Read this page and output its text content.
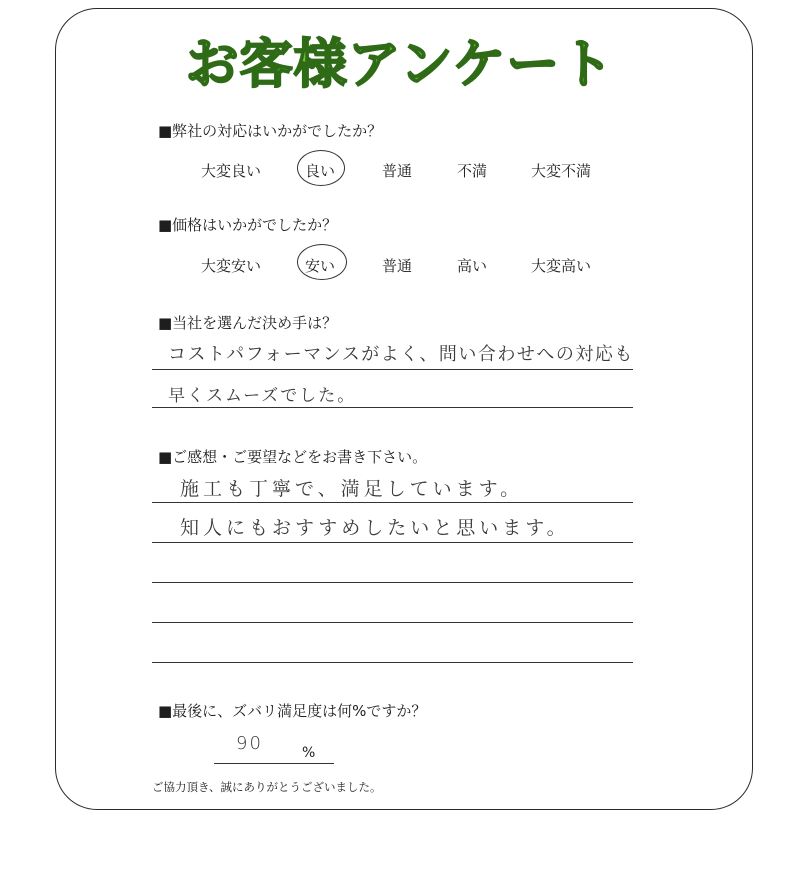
お客様アンケート
■弊社の対応はいかがでしたか？
大変良い	良い	普通	不満	大変不満
■価格はいかがでしたか？
大変安い	安い	普通	高い	大変高い
■当社を選んだ決め手は？
コストパフォーマンスがよく、問い合わせへの対応も
早くスムーズでした。
■ご感想・ご要望などをお書き下さい。
施工も丁寧で、満足しています。
知人にもおすすめしたいと思います。
■最後に、ズバリ満足度は何%ですか？
90	%
ご協力頂き、誠にありがとうございました。
